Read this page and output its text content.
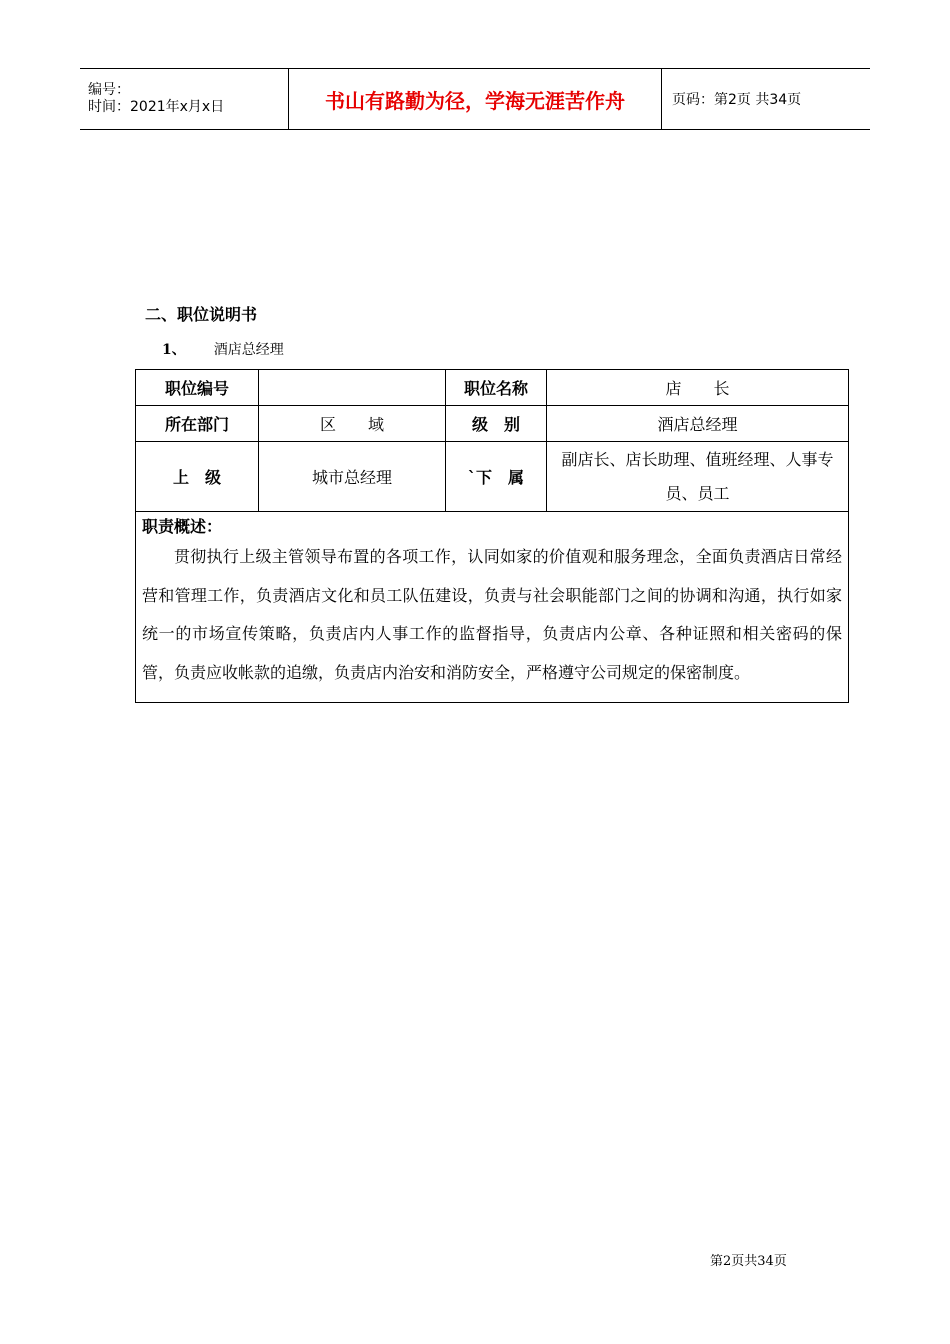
编号：
时间：2021年x月x日	书山有路勤为径，学海无涯苦作舟	页码：第2页 共34页
二、职位说明书
1、 酒店总经理
职位编号		职位名称	店　　长
所在部门	区　　域	级　别	酒店总经理
上　级	城市总经理	`下　属	副店长、店长助理、值班经理、人事专员、员工

职责概述：

贯彻执行上级主管领导布置的各项工作，认同如家的价值观和服务理念，全面负责酒店日常经营和管理工作，负责酒店文化和员工队伍建设，负责与社会职能部门之间的协调和沟通，执行如家统一的市场宣传策略，负责店内人事工作的监督指导，负责店内公章、各种证照和相关密码的保管，负责应收帐款的追缴，负责店内治安和消防安全，严格遵守公司规定的保密制度。			

第2页共34页
